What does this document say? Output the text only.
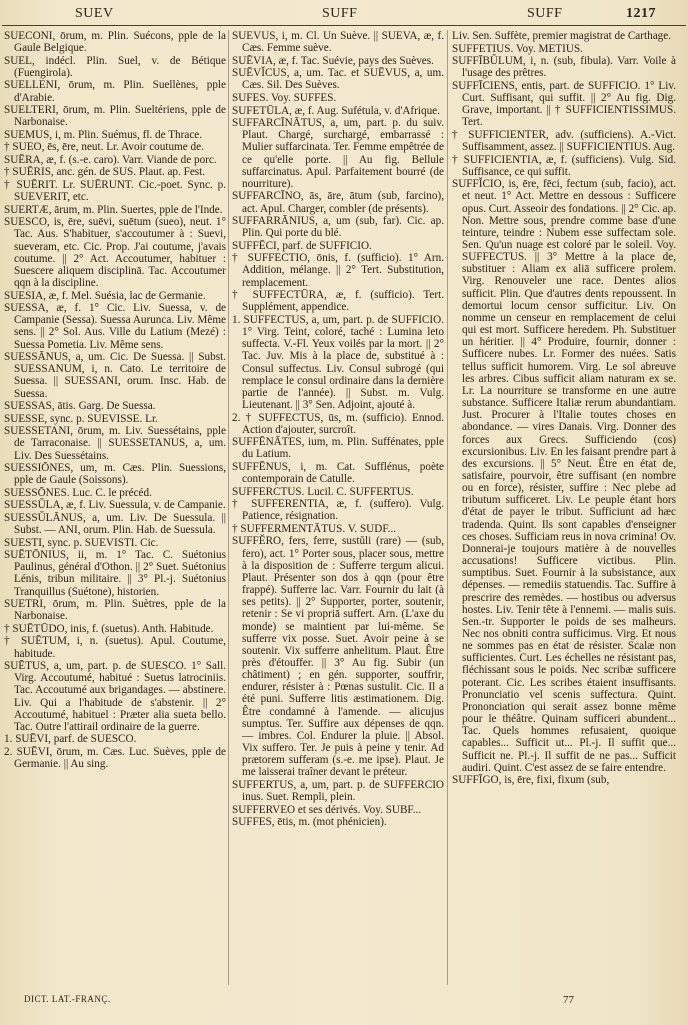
SUEV	SUFF	SUFF	1217

SUECONI, ōrum, m. Plin. Suécons, pple de la Gaule Belgique.

SUEL, indécl. Plin. Suel, v. de Bétique (Fuengirola).

SUELLENI, ōrum, m. Plin. Suellènes, pple d'Arabie.

SUELTERI, ōrum, m. Plin. Sueltériens, pple de Narbonaise.

SUEMUS, i, m. Plin. Suémus, fl. de Thrace.

† SUEO, ēs, ēre, neut. Lr. Avoir coutume de.

SUĒRA, æ, f. (s.-e. caro). Varr. Viande de porc.

† SUĒRIS, anc. gén. de SUS. Plaut. ap. Fest.

† SUĒRIT. Lr. SUĒRUNT. Cic.-poet. Sync. p. SUEVERIT, etc.

SUERTÆ, ārum, m. Plin. Suertes, pple de l'Inde.

SUESCO, is, ēre, suēvi, suētum (sueo), neut. 1° Tac. Aus. S'habituer, s'accoutumer à : Suevi, sueveram, etc. Cic. Prop. J'ai coutume, j'avais coutume. || 2° Act. Accoutumer, habituer : Suescere aliquem disciplinā. Tac. Accoutumer qqn à la discipline.

SUESIA, æ, f. Mel. Suésia, lac de Germanie.

SUESSA, æ, f. 1° Cic. Liv. Suessa, v. de Campanie (Sessa). Suessa Aurunca. Liv. Même sens. || 2° Sol. Aus. Ville du Latium (Mezé) : Suessa Pometia. Liv. Même sens.

SUESSĀNUS, a, um. Cic. De Suessa. || Subst. SUESSANUM, i, n. Cato. Le territoire de Suessa. || SUESSANI, orum. Insc. Hab. de Suessa.

SUESSAS, ātis. Garg. De Suessa.

SUESSE, sync. p. SUEVISSE. Lr.

SUESSETANI, ōrum, m. Liv. Suessétains, pple de Tarraconaise. || SUESSETANUS, a, um. Liv. Des Suessétains.

SUESSIŌNES, um, m. Cæs. Plin. Suessions, pple de Gaule (Soissons).

SUESSŌNES. Luc. C. le précéd.

SUESSŬLA, æ, f. Liv. Suessula, v. de Campanie.

SUESSŬLĀNUS, a, um. Liv. De Suessula. || Subst. — ANI, orum. Plin. Hab. de Suessula.

SUESTI, sync. p. SUEVISTI. Cic.

SUĒTŌNIUS, ii, m. 1° Tac. C. Suétonius Paulinus, général d'Othon. || 2° Suet. Suétonius Lénis, tribun militaire. || 3° Pl.-j. Suétonius Tranquillus (Suétone), historien.

SUETRI, ōrum, m. Plin. Suètres, pple de la Narbonaise.

† SUĒTŪDO, inis, f. (suetus). Anth. Habitude.

† SUĒTUM, i, n. (suetus). Apul. Coutume, habitude.

SUĒTUS, a, um, part. p. de SUESCO. 1° Sall. Virg. Accoutumé, habitué : Suetus latrociniis. Tac. Accoutumé aux brigandages. — abstinere. Liv. Qui a l'habitude de s'abstenir. || 2° Accoutumé, habituel : Præter alia sueta bello. Tac. Outre l'attirail ordinaire de la guerre.

1. SUĒVI, parf. de SUESCO.

2. SUĒVI, ōrum, m. Cæs. Luc. Suèves, pple de Germanie. || Au sing.

SUEVUS, i, m. Cl. Un Suève. || SUEVA, æ, f. Cæs. Femme suève.

SUĒVIA, æ, f. Tac. Suévie, pays des Suèves.

SUĒVĬCUS, a, um. Tac. et SUĒVUS, a, um. Cæs. Sil. Des Suèves.

SUFES. Voy. SUFFES.

SUFETŪLA, æ, f. Aug. Sufétula, v. d'Afrique.

SUFFARCĪNĀTUS, a, um, part. p. du suiv. Plaut. Chargé, surchargé, embarrassé : Mulier suffarcinata. Ter. Femme empêtrée de ce qu'elle porte. || Au fig. Bellule suffarcinatus. Apul. Parfaitement bourré (de nourriture).

SUFFARCĪNO, ās, āre, ātum (sub, farcino), act. Apul. Charger, combler (de présents).

SUFFARRĀNIUS, a, um (sub, far). Cic. ap. Plin. Qui porte du blé.

SUFFĒCI, parf. de SUFFICIO.

† SUFFECTIO, ōnis, f. (sufficio). 1° Arn. Addition, mélange. || 2° Tert. Substitution, remplacement.

† SUFFECTŪRA, æ, f. (sufficio). Tert. Supplément, appendice.

1. SUFFECTUS, a, um, part. p. de SUFFICIO. 1° Virg. Teint, coloré, taché : Lumina leto suffecta. V.-Fl. Yeux voilés par la mort. || 2° Tac. Juv. Mis à la place de, substitué à : Consul suffectus. Liv. Consul subrogé (qui remplace le consul ordinaire dans la dernière partie de l'année). || Subst. m. Vulg. Lieutenant. || 3° Sen. Adjoint, ajouté à.

2. † SUFFECTUS, ūs, m. (sufficio). Ennod. Action d'ajouter, surcroît.

SUFFĒNĀTES, ium, m. Plin. Suffénates, pple du Latium.

SUFFĒNUS, i, m. Cat. Sufflénus, poète contemporain de Catulle.

SUFFERCTUS. Lucil. C. SUFFERTUS.

† SUFFERENTIA, æ, f. (suffero). Vulg. Patience, résignation.

† SUFFERMENTĀTUS. V. SUDF...

SUFFĔRO, fers, ferre, sustŭli (rare) — (sub, fero), act. 1° Porter sous, placer sous, mettre à la disposition de : Sufferre tergum alicui. Plaut. Présenter son dos à qqn (pour être frappé). Sufferre lac. Varr. Fournir du lait (à ses petits). || 2° Supporter, porter, soutenir, retenir : Se vi propriā suffert. Arn. (L'axe du monde) se maintient par lui-même. Se sufferre vix posse. Suet. Avoir peine à se soutenir. Vix sufferre anhelitum. Plaut. Être près d'étouffer. || 3° Au fig. Subir (un châtiment) ; en gén. supporter, souffrir, endurer, résister à : Pœnas sustulit. Cic. Il a été puni. Sufferre litis æstimationem. Dig. Être condamné à l'amende. — alicujus sumptus. Ter. Suffire aux dépenses de qqn. — imbres. Col. Endurer la pluie. || Absol. Vix suffero. Ter. Je puis à peine y tenir. Ad prætorem sufferam (s.-e. me ipse). Plaut. Je me laisserai traîner devant le préteur.

SUFFERTUS, a, um, part. p. de SUFFERCIO inus. Suet. Rempli, plein.

SUFFERVEO et ses dérivés. Voy. SUBF...

SUFFES, ētis, m. (mot phénicien).

Liv. Sen. Suffète, premier magistrat de Carthage.

SUFFETIUS. Voy. METIUS.

SUFFĪBŬLUM, i, n. (sub, fibula). Varr. Voile à l'usage des prêtres.

SUFFĪCIENS, entis, part. de SUFFICIO. 1° Liv. Curt. Suffisant, qui suffit. || 2° Au fig. Dig. Grave, important. || † SUFFICIENTISSIMUS. Tert.

† SUFFICIENTER, adv. (sufficiens). A.-Vict. Suffisamment, assez. || SUFFICIENTIUS. Aug.

† SUFFICIENTIA, æ, f. (sufficiens). Vulg. Sid. Suffisance, ce qui suffit.

SUFFĬCIO, is, ēre, fēci, fectum (sub, facio), act. et neut. 1° Act. Mettre en dessous : Sufficere opus. Curt. Asseoir des fondations. || 2° Cic. ap. Non. Mettre sous, prendre comme base d'une teinture, teindre : Nubem esse suffectam sole. Sen. Qu'un nuage est coloré par le soleil. Voy. SUFFECTUS. || 3° Mettre à la place de, substituer : Aliam ex aliā sufficere prolem. Virg. Renouveler une race. Dentes alios sufficit. Plin. Que d'autres dents repoussent. In demortui locum censor sufficitur. Liv. On nomme un censeur en remplacement de celui qui est mort. Sufficere heredem. Ph. Substituer un héritier. || 4° Produire, fournir, donner : Sufficere nubes. Lr. Former des nuées. Satis tellus sufficit humorem. Virg. Le sol abreuve les arbres. Cibus sufficit aliam naturam ex se. Lr. La nourriture se transforme en une autre substance. Sufficere Italiæ rerum abundantiam. Just. Procurer à l'Italie toutes choses en abondance. — vires Danais. Virg. Donner des forces aux Grecs. Sufficiendo (cos) excursionibus. Liv. En les faisant prendre part à des excursions. || 5° Neut. Être en état de, satisfaire, pourvoir, être suffisant (en nombre ou en force), résister, suffire : Nec plebe ad tributum sufficeret. Liv. Le peuple étant hors d'état de payer le tribut. Sufficiunt ad hæc tradenda. Quint. Ils sont capables d'enseigner ces choses. Sufficiam reus in nova crimina! Ov. Donnerai-je toujours matière à de nouvelles accusations! Sufficere victibus. Plin. sumptibus. Suet. Fournir à la subsistance, aux dépenses. — remediis statuendis. Tac. Suffire à prescrire des remèdes. — hostibus ou adversus hostes. Liv. Tenir tête à l'ennemi. — malis suis. Sen.-tr. Supporter le poids de ses malheurs. Nec nos obniti contra sufficimus. Virg. Et nous ne sommes pas en état de résister. Scalæ non sufficientes. Curt. Les échelles ne résistant pas, fléchissant sous le poids. Nec scribæ sufficere poterant. Cic. Les scribes étaient insuffisants. Pronunciatio vel scenis suffectura. Quint. Prononciation qui serait assez bonne même pour le théâtre. Quinam sufficeri abundent... Tac. Quels hommes refusaient, quoique capables... Sufficit ut... Pl.-j. Il suffit que... Sufficit ne. Pl.-j. Il suffit de ne pas... Sufficit audiri. Quint. C'est assez de se faire entendre.

SUFFĪGO, is, ēre, fixi, fixum (sub,

DICT. LAT.-FRANÇ.	77
